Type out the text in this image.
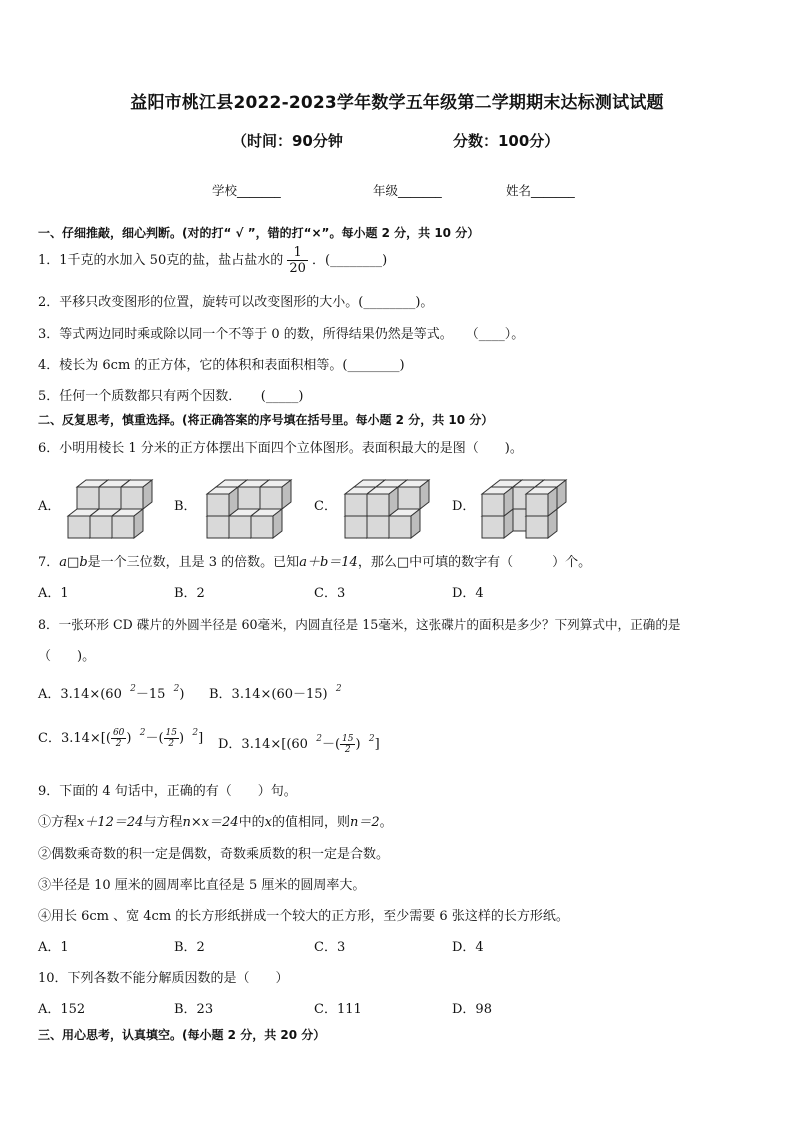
益阳市桃江县2022-2023学年数学五年级第二学期期末达标测试试题
（时间：90分钟	分数：100分）
学校_______	年级_______	姓名_______
一、仔细推敲，细心判断。(对的打“ √ ”，错的打“×”。每小题 2 分，共 10 分）
1．1千克的水加入 50克的盐，盐占盐水的 $\frac{1}{20}$ ．(________)
2．平移只改变图形的位置，旋转可以改变图形的大小。(________)。
3．等式两边同时乘或除以同一个不等于 0 的数，所得结果仍然是等式。　　（____）。
4．棱长为 6cm 的正方体，它的体积和表面积相等。(________)
5．任何一个质数都只有两个因数．　　(_____)
二、反复思考，慎重选择。(将正确答案的序号填在括号里。每小题 2 分，共 10 分）
6．小明用棱长 1 分米的正方体摆出下面四个立体图形。表面积最大的是图（　　)。
A．	B．	C．	D．
7．a□b是一个三位数，且是 3 的倍数。已知a＋b＝14，那么□中可填的数字有（　　　）个。
A．1	B．2	C．3	D．4
8．一张环形 CD 碟片的外圆半径是 60毫米，内圆直径是 15毫米，这张碟片的面积是多少？下列算式中，正确的是
（　　)。
A．3.14×(60 $^2$－15 $^2$) B．3.14×(60－15) $^2$
C．$3.14\times[( \frac{60}{2}$ ) $^2-( \frac{15}{2}$ ) $^2$] D．3.14×[(60 $^2-( \frac{15}{2}$ ) $^2$]
9．下面的 4 句话中，正确的有（　　）句。
①方程x＋12＝24与方程n×x＝24中的x的值相同，则n＝2。
②偶数乘奇数的积一定是偶数，奇数乘质数的积一定是合数。
③半径是 10 厘米的圆周率比直径是 5 厘米的圆周率大。
④用长 6cm 、宽 4cm 的长方形纸拼成一个较大的正方形，至少需要 6 张这样的长方形纸。
A．1	B．2	C．3	D．4
10．下列各数不能分解质因数的是（　　）
A．152	B．23	C．111	D．98
三、用心思考，认真填空。(每小题 2 分，共 20 分）
